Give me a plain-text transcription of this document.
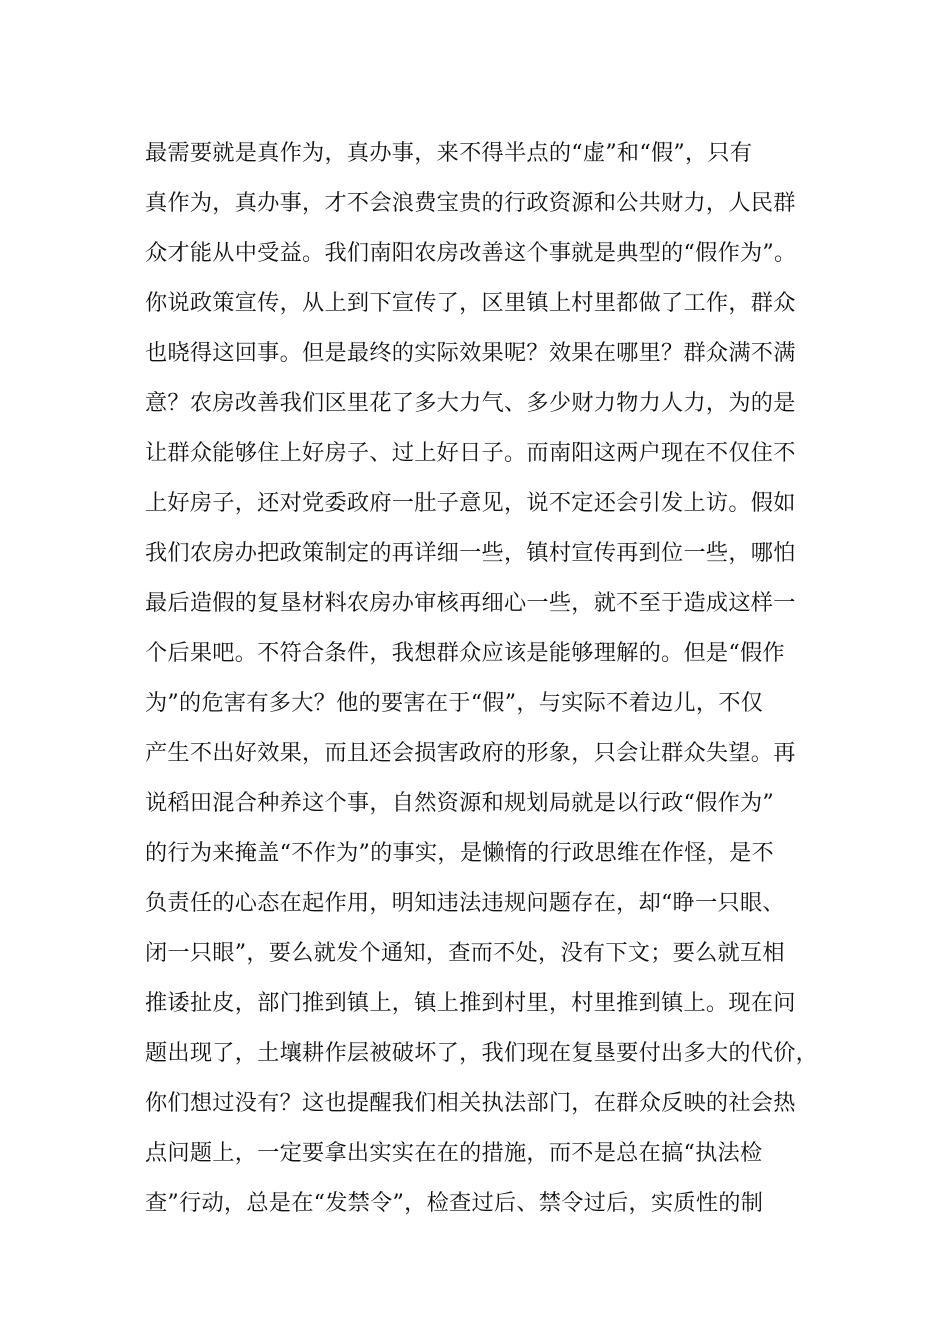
最需要就是真作为，真办事，来不得半点的“虚”和“假”，只有
真作为，真办事，才不会浪费宝贵的行政资源和公共财力，人民群
众才能从中受益。我们南阳农房改善这个事就是典型的“假作为”。
你说政策宣传，从上到下宣传了，区里镇上村里都做了工作，群众
也晓得这回事。但是最终的实际效果呢？效果在哪里？群众满不满
意？农房改善我们区里花了多大力气、多少财力物力人力，为的是
让群众能够住上好房子、过上好日子。而南阳这两户现在不仅住不
上好房子，还对党委政府一肚子意见，说不定还会引发上访。假如
我们农房办把政策制定的再详细一些，镇村宣传再到位一些，哪怕
最后造假的复垦材料农房办审核再细心一些，就不至于造成这样一
个后果吧。不符合条件，我想群众应该是能够理解的。但是“假作
为”的危害有多大？他的要害在于“假”，与实际不着边儿，不仅
产生不出好效果，而且还会损害政府的形象，只会让群众失望。再
说稻田混合种养这个事，自然资源和规划局就是以行政“假作为”
的行为来掩盖“不作为”的事实，是懒惰的行政思维在作怪，是不
负责任的心态在起作用，明知违法违规问题存在，却“睁一只眼、
闭一只眼”，要么就发个通知，查而不处，没有下文；要么就互相
推诿扯皮，部门推到镇上，镇上推到村里，村里推到镇上。现在问
题出现了，土壤耕作层被破坏了，我们现在复垦要付出多大的代价，
你们想过没有？这也提醒我们相关执法部门，在群众反映的社会热
点问题上，一定要拿出实实在在的措施，而不是总在搞“执法检
查”行动，总是在“发禁令”，检查过后、禁令过后，实质性的制
